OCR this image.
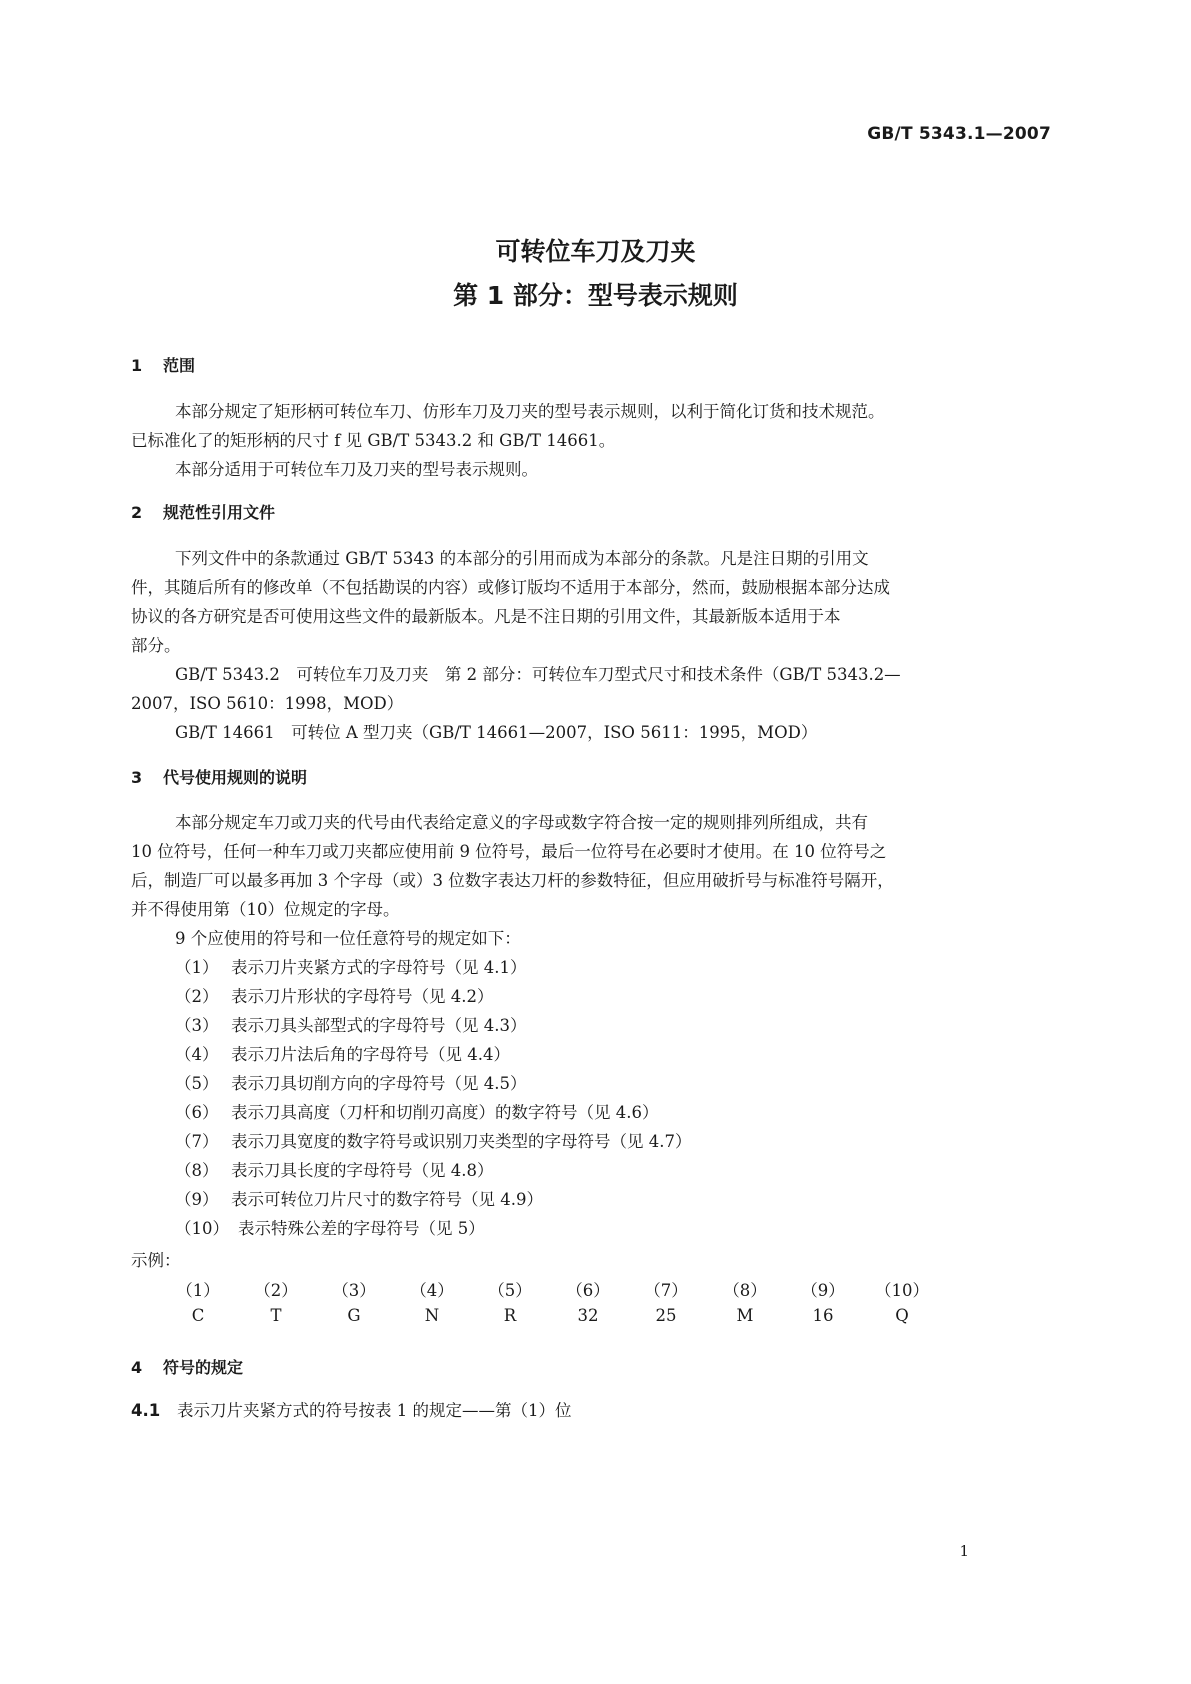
GB/T 5343.1—2007
可转位车刀及刀夹
第 1 部分：型号表示规则
1 范围
本部分规定了矩形柄可转位车刀、仿形车刀及刀夹的型号表示规则，以利于简化订货和技术规范。
已标准化了的矩形柄的尺寸 f 见 GB/T 5343.2 和 GB/T 14661。
本部分适用于可转位车刀及刀夹的型号表示规则。
2 规范性引用文件
下列文件中的条款通过 GB/T 5343 的本部分的引用而成为本部分的条款。凡是注日期的引用文
件，其随后所有的修改单（不包括勘误的内容）或修订版均不适用于本部分，然而，鼓励根据本部分达成
协议的各方研究是否可使用这些文件的最新版本。凡是不注日期的引用文件，其最新版本适用于本
部分。
GB/T 5343.2　可转位车刀及刀夹　第 2 部分：可转位车刀型式尺寸和技术条件（GB/T 5343.2—
2007，ISO 5610：1998，MOD）
GB/T 14661　可转位 A 型刀夹（GB/T 14661—2007，ISO 5611：1995，MOD）
3 代号使用规则的说明
本部分规定车刀或刀夹的代号由代表给定意义的字母或数字符合按一定的规则排列所组成，共有
10 位符号，任何一种车刀或刀夹都应使用前 9 位符号，最后一位符号在必要时才使用。在 10 位符号之
后，制造厂可以最多再加 3 个字母（或）3 位数字表达刀杆的参数特征，但应用破折号与标准符号隔开，
并不得使用第（10）位规定的字母。
9 个应使用的符号和一位任意符号的规定如下：
（1） 表示刀片夹紧方式的字母符号（见 4.1）
（2） 表示刀片形状的字母符号（见 4.2）
（3） 表示刀具头部型式的字母符号（见 4.3）
（4） 表示刀片法后角的字母符号（见 4.4）
（5） 表示刀具切削方向的字母符号（见 4.5）
（6） 表示刀具高度（刀杆和切削刃高度）的数字符号（见 4.6）
（7） 表示刀具宽度的数字符号或识别刀夹类型的字母符号（见 4.7）
（8） 表示刀具长度的字母符号（见 4.8）
（9） 表示可转位刀片尺寸的数字符号（见 4.9）
（10） 表示特殊公差的字母符号（见 5）
示例：
（1） （2） （3） （4） （5） （6） （7） （8） （9） （10）
C	T	G	N	R	32	25	M	16	Q
4 符号的规定
4.1 表示刀片夹紧方式的符号按表 1 的规定——第（1）位
1
